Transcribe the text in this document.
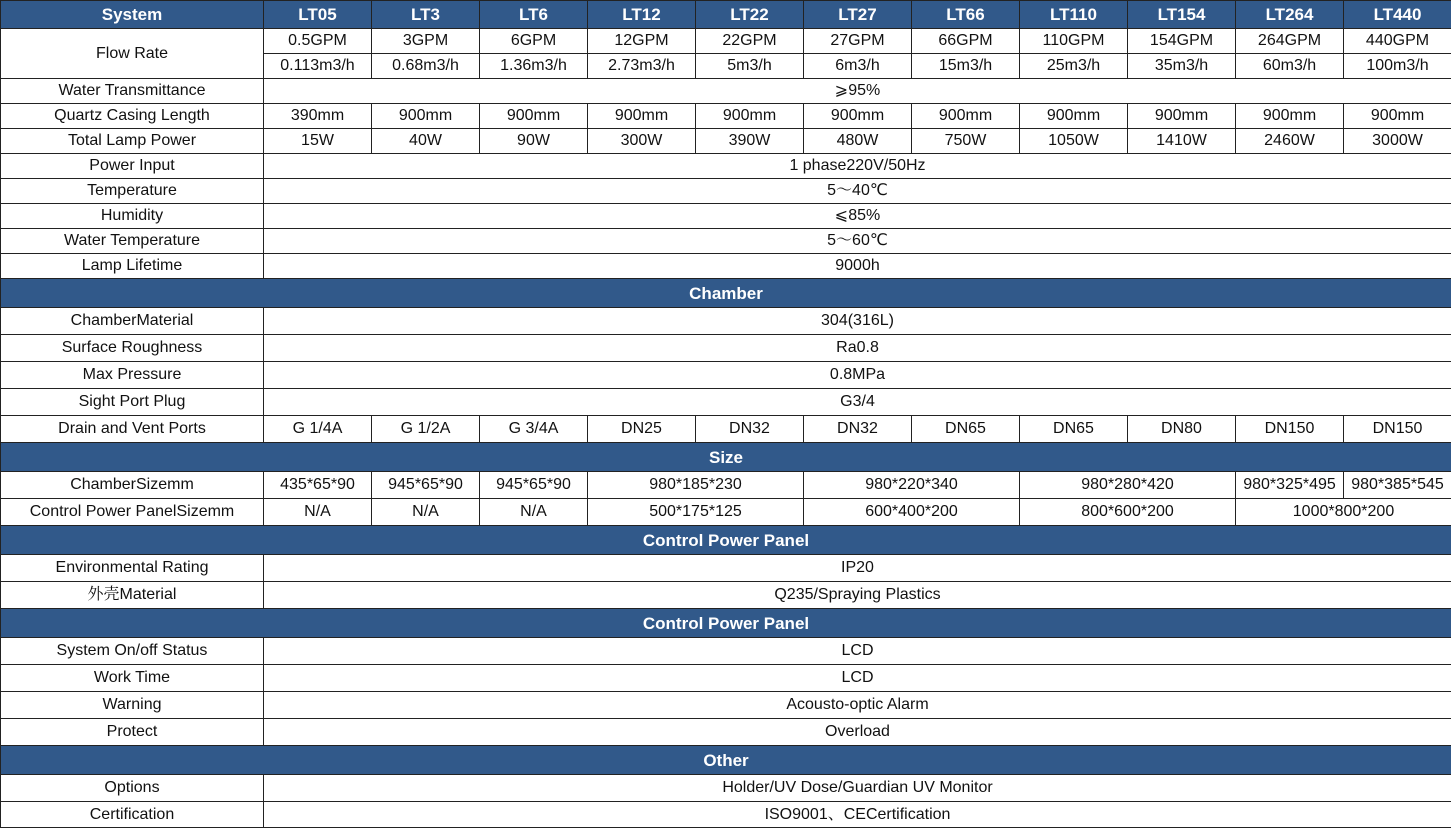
System	LT05	LT3	LT6	LT12	LT22	LT27	LT66	LT110	LT154	LT264	LT440
Flow Rate	0.5GPM	3GPM	6GPM	12GPM	22GPM	27GPM	66GPM	110GPM	154GPM	264GPM	440GPM
	0.113m3/h	0.68m3/h	1.36m3/h	2.73m3/h	5m3/h	6m3/h	15m3/h	25m3/h	35m3/h	60m3/h	100m3/h
Water Transmittance	⩾95%										
Quartz Casing Length	390mm	900mm	900mm	900mm	900mm	900mm	900mm	900mm	900mm	900mm	900mm
Total Lamp Power	15W	40W	90W	300W	390W	480W	750W	1050W	1410W	2460W	3000W
Power Input	1 phase220V/50Hz										
Temperature	5～40℃										
Humidity	⩽85%										
Water Temperature	5～60℃										
Lamp Lifetime	9000h										
Chamber											
ChamberMaterial	304(316L)										
Surface Roughness	Ra0.8										
Max Pressure	0.8MPa										
Sight Port Plug	G3/4										
Drain and Vent Ports	G 1/4A	G 1/2A	G 3/4A	DN25	DN32	DN32	DN65	DN65	DN80	DN150	DN150
Size											
ChamberSizemm	435*65*90	945*65*90	945*65*90	980*185*230		980*220*340		980*280*420		980*325*495	980*385*545
Control Power PanelSizemm	N/A	N/A	N/A	500*175*125		600*400*200		800*600*200		1000*800*200	
Control Power Panel											
Environmental Rating	IP20										
外壳Material	Q235/Spraying Plastics										
Control Power Panel											
System On/off Status	LCD										
Work Time	LCD										
Warning	Acousto-optic Alarm										
Protect	Overload										
Other											
Options	Holder/UV Dose/Guardian UV Monitor										
Certification	ISO9001、CECertification										
